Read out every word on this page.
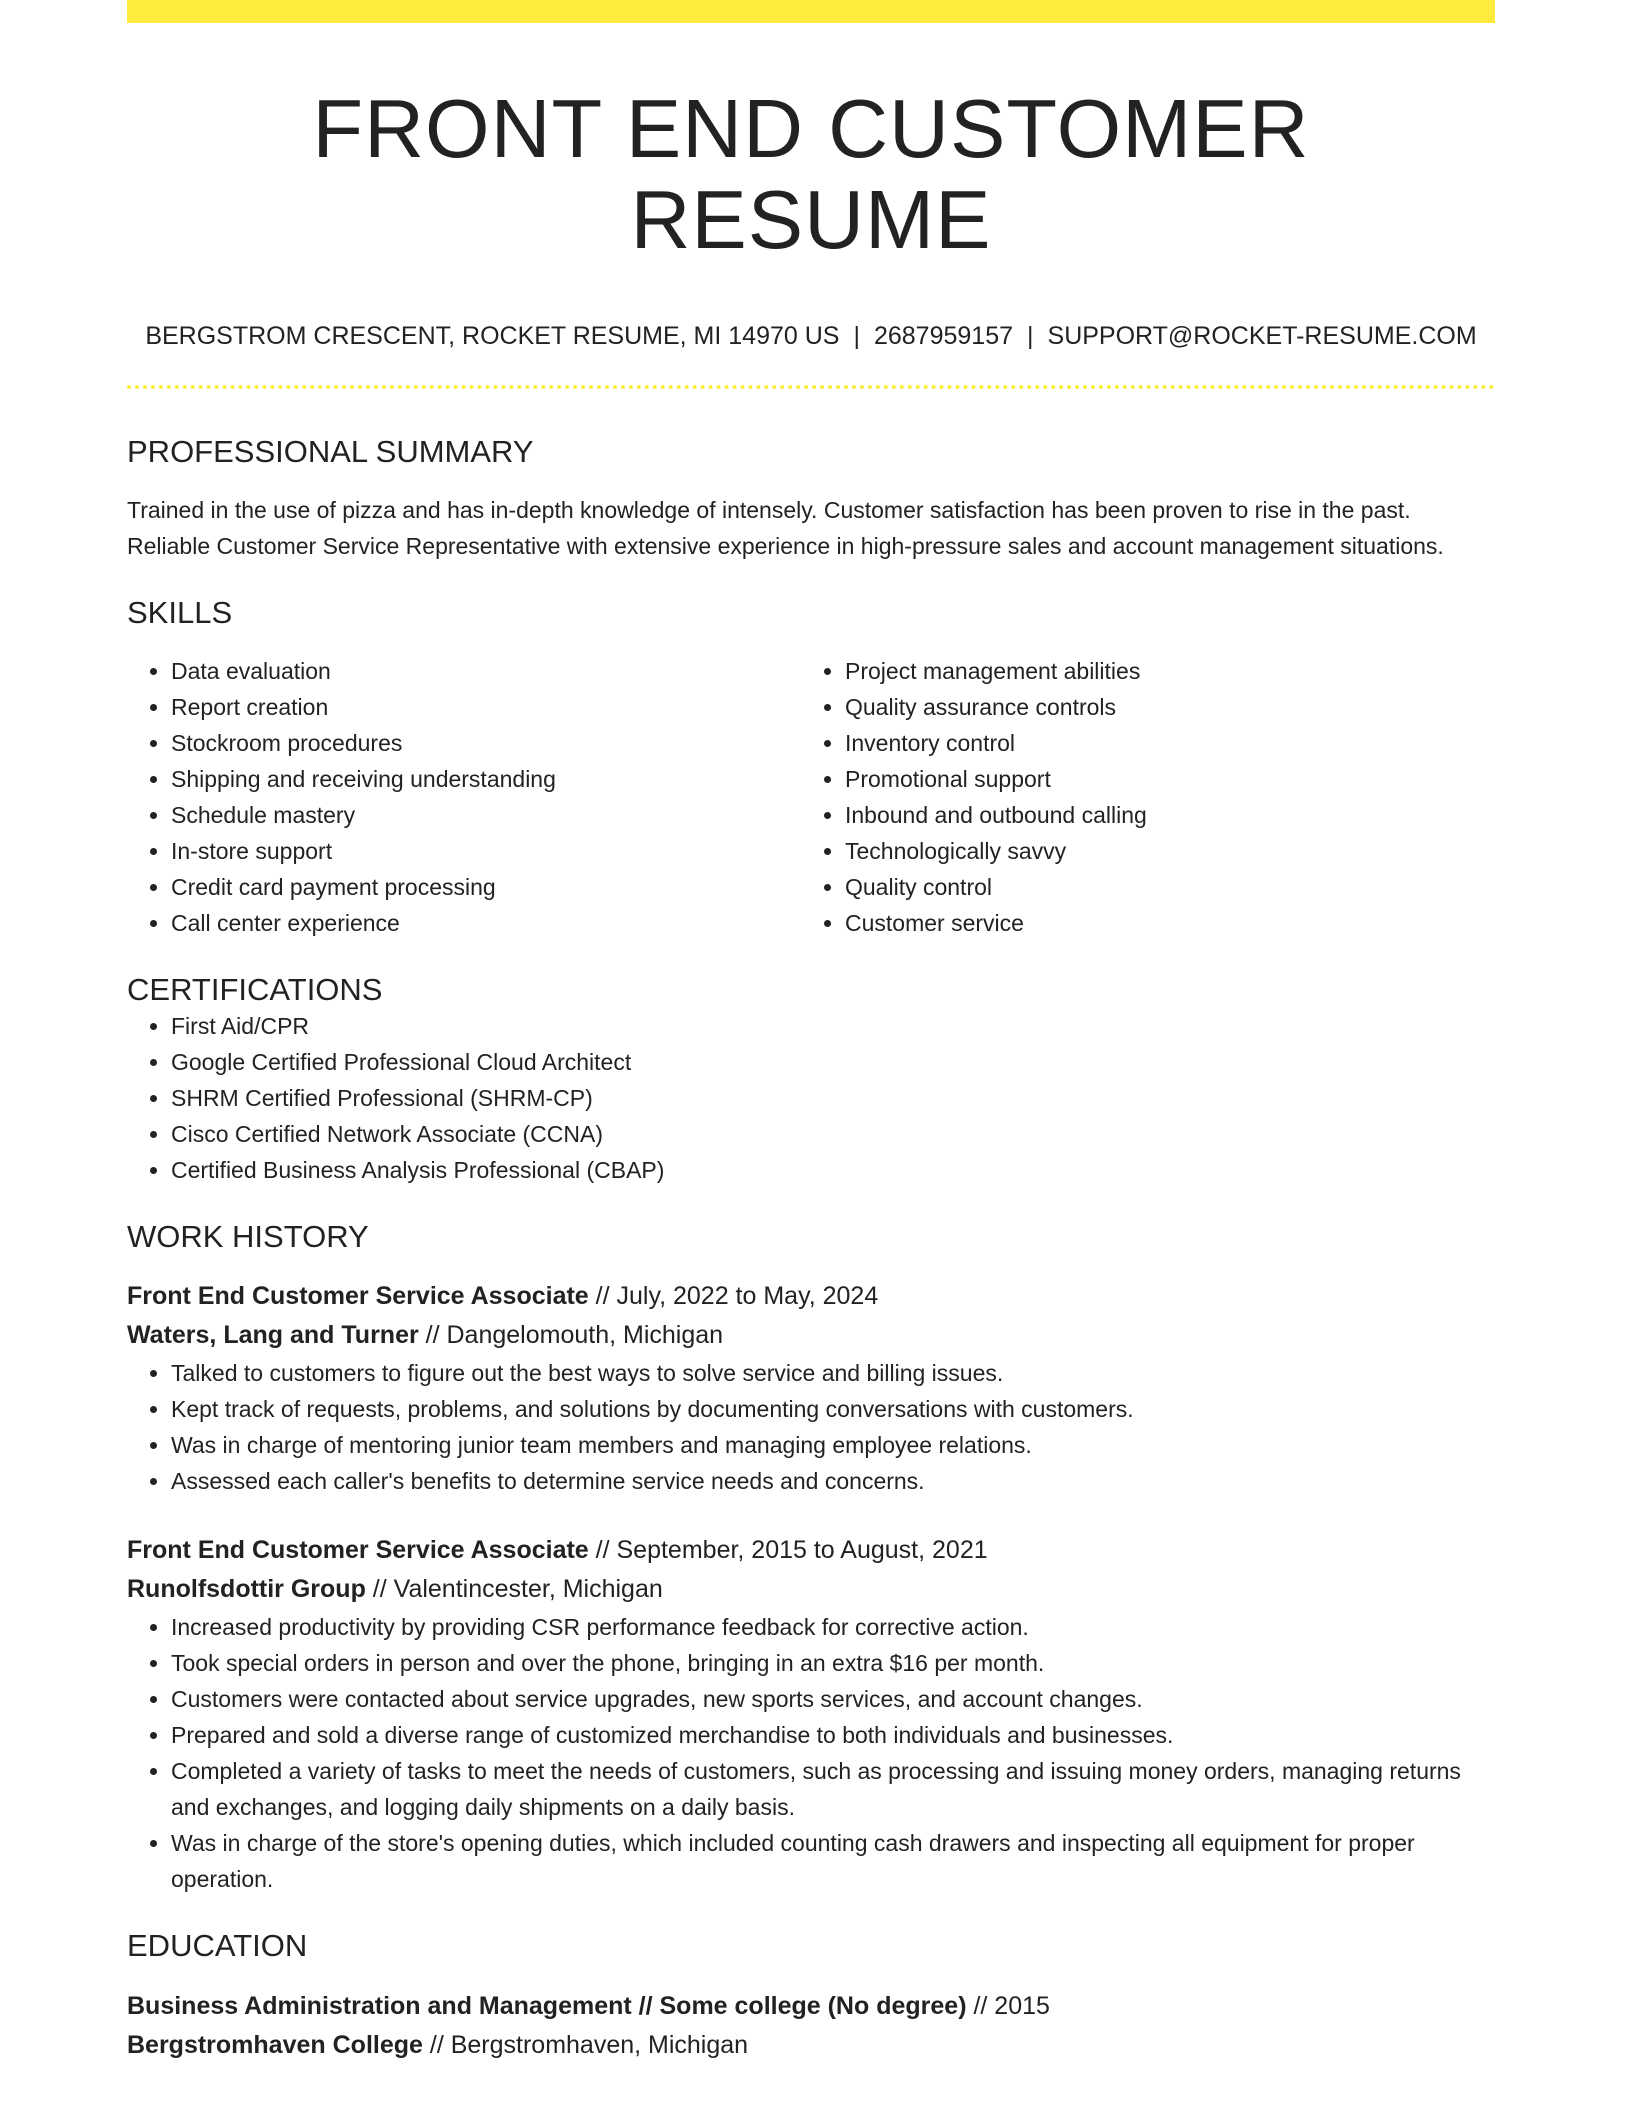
FRONT END CUSTOMER RESUME
BERGSTROM CRESCENT, ROCKET RESUME, MI 14970 US | 2687959157 | SUPPORT@ROCKET-RESUME.COM
PROFESSIONAL SUMMARY

Trained in the use of pizza and has in-depth knowledge of intensely. Customer satisfaction has been proven to rise in the past. Reliable Customer Service Representative with extensive experience in high-pressure sales and account management situations.

SKILLS
• Data evaluation
• Report creation
• Stockroom procedures
• Shipping and receiving understanding
• Schedule mastery
• In-store support
• Credit card payment processing
• Call center experience
• Project management abilities
• Quality assurance controls
• Inventory control
• Promotional support
• Inbound and outbound calling
• Technologically savvy
• Quality control
• Customer service
CERTIFICATIONS
• First Aid/CPR
• Google Certified Professional Cloud Architect
• SHRM Certified Professional (SHRM-CP)
• Cisco Certified Network Associate (CCNA)
• Certified Business Analysis Professional (CBAP)
WORK HISTORY
Front End Customer Service Associate // July, 2022 to May, 2024
Waters, Lang and Turner // Dangelomouth, Michigan
• Talked to customers to figure out the best ways to solve service and billing issues.
• Kept track of requests, problems, and solutions by documenting conversations with customers.
• Was in charge of mentoring junior team members and managing employee relations.
• Assessed each caller's benefits to determine service needs and concerns.
Front End Customer Service Associate // September, 2015 to August, 2021
Runolfsdottir Group // Valentincester, Michigan
• Increased productivity by providing CSR performance feedback for corrective action.
• Took special orders in person and over the phone, bringing in an extra $16 per month.
• Customers were contacted about service upgrades, new sports services, and account changes.
• Prepared and sold a diverse range of customized merchandise to both individuals and businesses.
• Completed a variety of tasks to meet the needs of customers, such as processing and issuing money orders, managing returns and exchanges, and logging daily shipments on a daily basis.
• Was in charge of the store's opening duties, which included counting cash drawers and inspecting all equipment for proper operation.
EDUCATION
Business Administration and Management // Some college (No degree) // 2015
Bergstromhaven College // Bergstromhaven, Michigan
